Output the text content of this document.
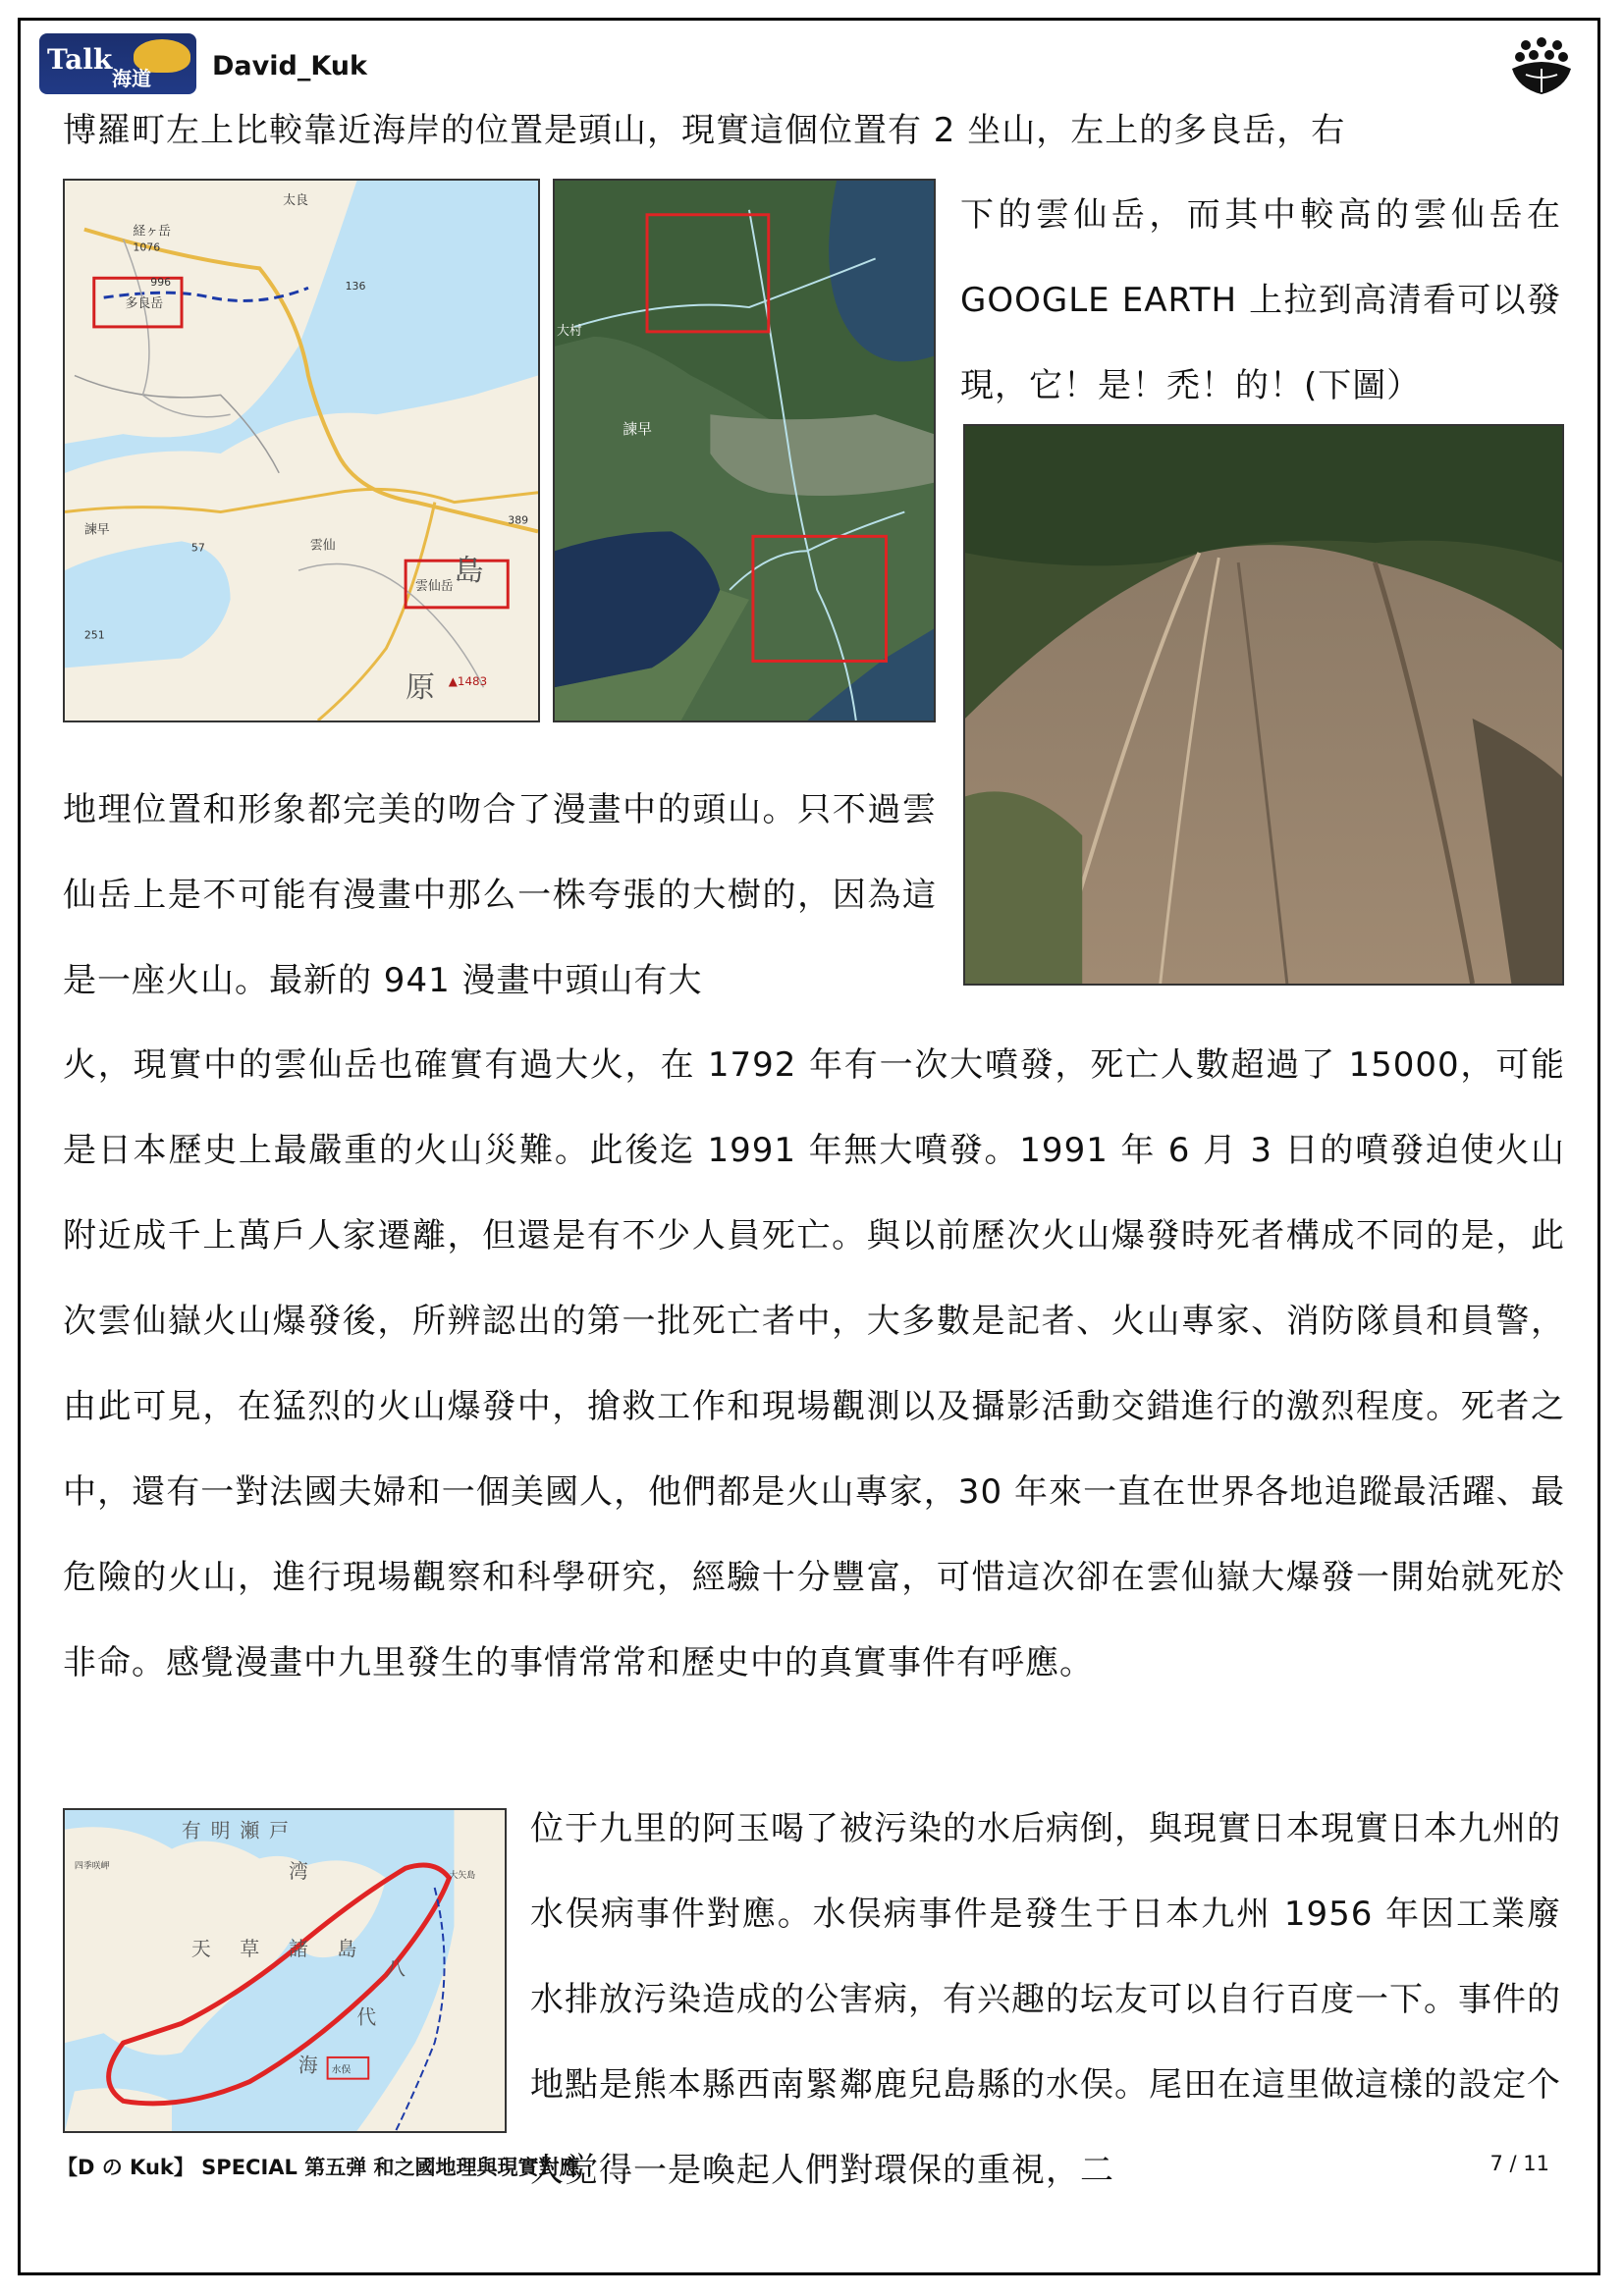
Talk
海道 David_Kuk

博羅町左上比較靠近海岸的位置是頭山，現實這個位置有 2 坐山，左上的多良岳，右

太良
経ヶ岳
1076
996
多良岳
136
諫早
雲仙
251
57
389
島
原
雲仙岳
▲1483
諫早
大村

下的雲仙岳，而其中較高的雲仙岳在 GOOGLE EARTH 上拉到高清看可以發現，它！是！禿！的！(下圖）

地理位置和形象都完美的吻合了漫畫中的頭山。只不過雲仙岳上是不可能有漫畫中那么一株夸張的大樹的，因為這是一座火山。最新的 941 漫畫中頭山有大

火，現實中的雲仙岳也確實有過大火，在 1792 年有一次大噴發，死亡人數超過了 15000，可能是日本歷史上最嚴重的火山災難。此後迄 1991 年無大噴發。1991 年 6 月 3 日的噴發迫使火山附近成千上萬戶人家遷離，但還是有不少人員死亡。與以前歷次火山爆發時死者構成不同的是，此次雲仙嶽火山爆發後，所辨認出的第一批死亡者中，大多數是記者、火山專家、消防隊員和員警，由此可見，在猛烈的火山爆發中，搶救工作和現場觀測以及攝影活動交錯進行的激烈程度。死者之中，還有一對法國夫婦和一個美國人，他們都是火山專家，30 年來一直在世界各地追蹤最活躍、最危險的火山，進行現場觀察和科學研究，經驗十分豐富，可惜這次卻在雲仙嶽大爆發一開始就死於非命。感覺漫畫中九里發生的事情常常和歷史中的真實事件有呼應。

有 明 瀬 戸
湾
天 草 諸 島
八
代
海 水俣
大矢島
四季咲岬

位于九里的阿玉喝了被污染的水后病倒，與現實日本現實日本九州的水俣病事件對應。水俣病事件是發生于日本九州 1956 年因工業廢水排放污染造成的公害病，有兴趣的坛友可以自行百度一下。事件的地點是熊本縣西南緊鄰鹿兒島縣的水俣。尾田在這里做這樣的設定个人觉得一是喚起人們對環保的重視，二

【D の Kuk】 SPECIAL 第五弹 和之國地理與現實對應	7 / 11
